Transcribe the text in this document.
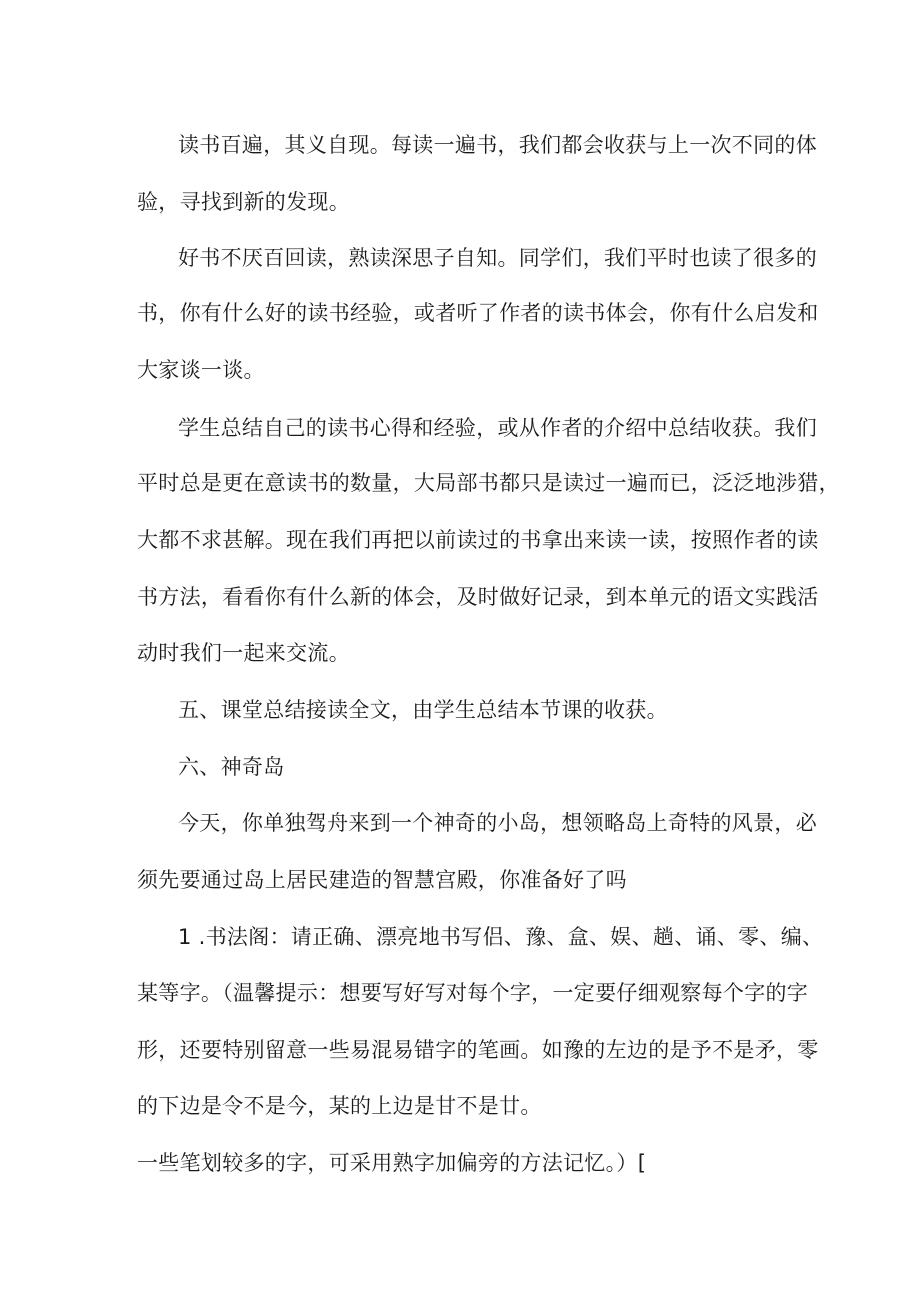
读书百遍，其义自现。每读一遍书，我们都会收获与上一次不同的体
验，寻找到新的发现。
好书不厌百回读，熟读深思子自知。同学们，我们平时也读了很多的
书，你有什么好的读书经验，或者听了作者的读书体会，你有什么启发和
大家谈一谈。
学生总结自己的读书心得和经验，或从作者的介绍中总结收获。我们
平时总是更在意读书的数量，大局部书都只是读过一遍而已，泛泛地涉猎，
大都不求甚解。现在我们再把以前读过的书拿出来读一读，按照作者的读
书方法，看看你有什么新的体会，及时做好记录，到本单元的语文实践活
动时我们一起来交流。
五、课堂总结接读全文，由学生总结本节课的收获。
六、神奇岛
今天，你单独驾舟来到一个神奇的小岛，想领略岛上奇特的风景，必
须先要通过岛上居民建造的智慧宫殿，你准备好了吗
1 .书法阁：请正确、漂亮地书写侣、豫、盒、娱、趟、诵、零、编、
某等字。（温馨提示：想要写好写对每个字，一定要仔细观察每个字的字
形，还要特别留意一些易混易错字的笔画。如豫的左边的是予不是矛，零
的下边是令不是今，某的上边是甘不是廿。
一些笔划较多的字，可采用熟字加偏旁的方法记忆。）[
